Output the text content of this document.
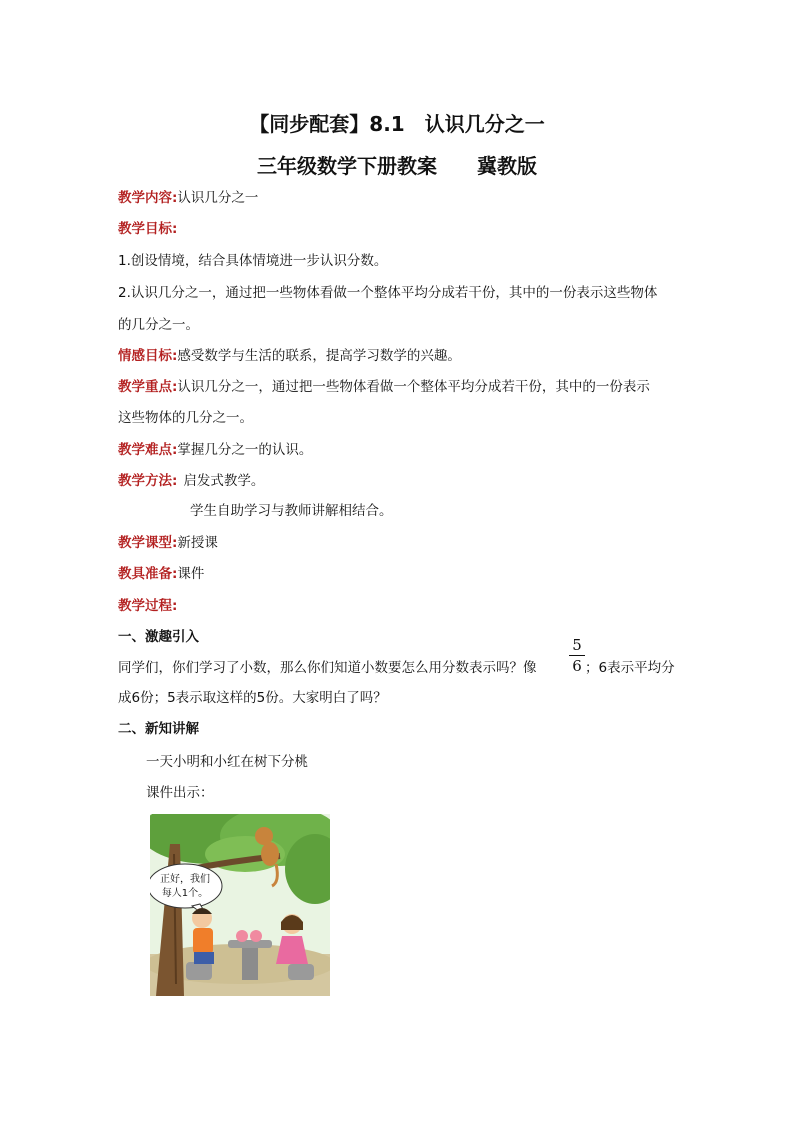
【同步配套】8.1　认识几分之一
三年级数学下册教案　　冀教版
教学内容:认识几分之一
教学目标:
1.创设情境，结合具体情境进一步认识分数。
2.认识几分之一，通过把一些物体看做一个整体平均分成若干份，其中的一份表示这些物体
的几分之一。
情感目标:感受数学与生活的联系，提高学习数学的兴趣。
教学重点:认识几分之一，通过把一些物体看做一个整体平均分成若干份，其中的一份表示
这些物体的几分之一。
教学难点:掌握几分之一的认识。
教学方法: 启发式教学。
学生自助学习与教师讲解相结合。
教学课型:新授课
教具准备:课件
教学过程:
一、激趣引入
同学们，你们学习了小数，那么你们知道小数要怎么用分数表示吗？像
5
6 ；6表示平均分
成6份；5表示取这样的5份。大家明白了吗？
二、新知讲解
一天小明和小红在树下分桃
课件出示：
正好，我们
每人1个。
